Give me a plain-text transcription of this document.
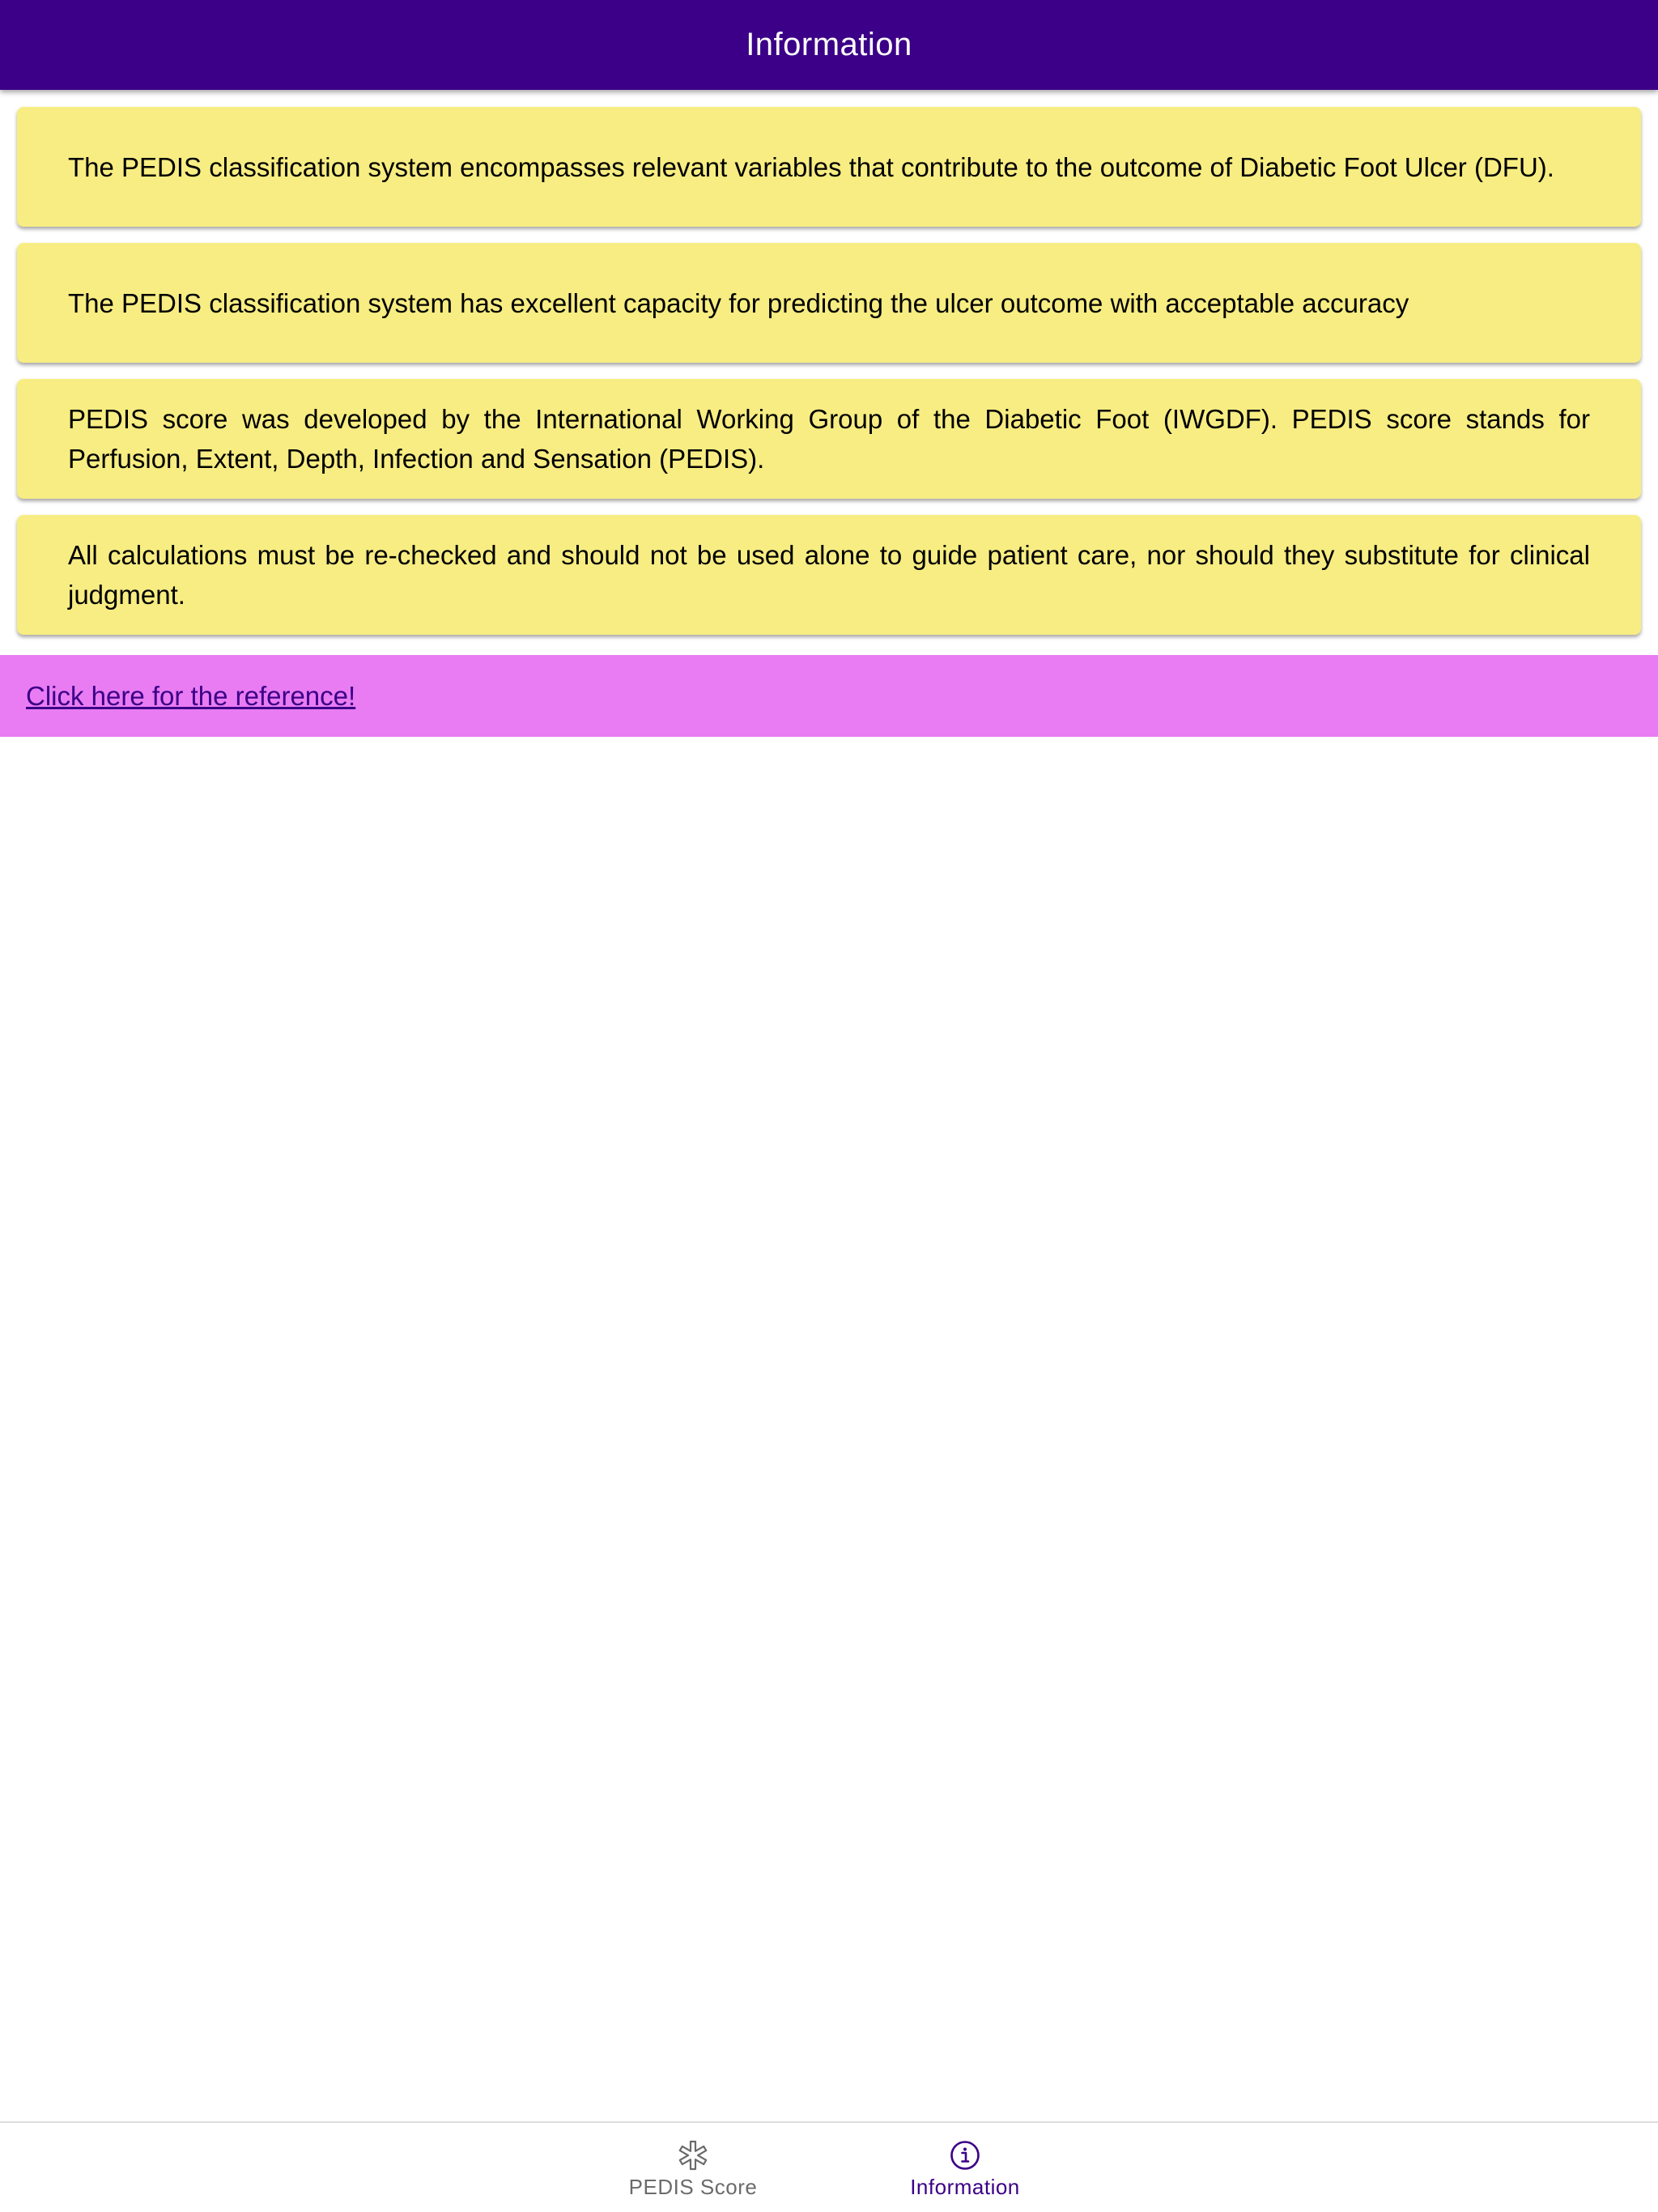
Information
The PEDIS classification system encompasses relevant variables that contribute to the outcome of Diabetic Foot Ulcer (DFU).
The PEDIS classification system has excellent capacity for predicting the ulcer outcome with acceptable accuracy
PEDIS score was developed by the International Working Group of the Diabetic Foot (IWGDF). PEDIS score stands for Perfusion, Extent, Depth, Infection and Sensation (PEDIS).
All calculations must be re-checked and should not be used alone to guide patient care, nor should they substitute for clinical judgment.
Click here for the reference!
PEDIS Score	Information
